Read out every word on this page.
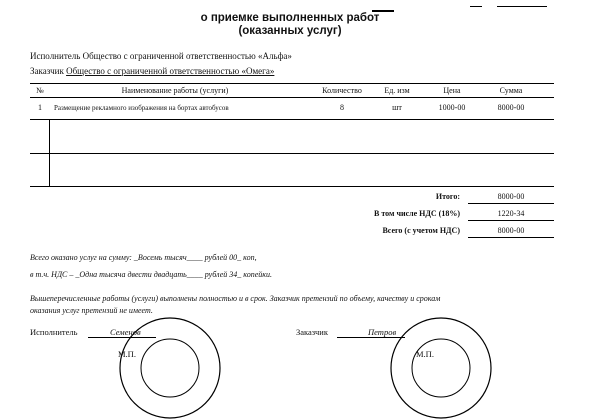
о приемке выполненных работ
(оказанных услуг)
Исполнитель Общество с ограниченной ответственностью «Альфа»
Заказчик Общество с ограниченной ответственностью «Омега»
№	Наименование работы (услуги)	Количество	Ед. изм	Цена	Сумма
1	Размещение рекламного изображения на бортах автобусов	8	шт	1000-00	8000-00
Итого:	8000-00
В том числе НДС (18%)	1220-34
Всего (с учетом НДС)	8000-00
Всего оказано услуг на сумму: _Восемь тысяч____ рублей 00_ коп,
в т.ч. НДС – _Одна тысяча двести двадцать____ рублей 34_ копейки.
Вышеперечисленные работы (услуги) выполнены полностью и в срок. Заказчик претензий по объему, качеству и срокам
оказания услуг претензий не имеет.
Исполнитель	Семенов	Заказчик	Петров
М.П.	М.П.
